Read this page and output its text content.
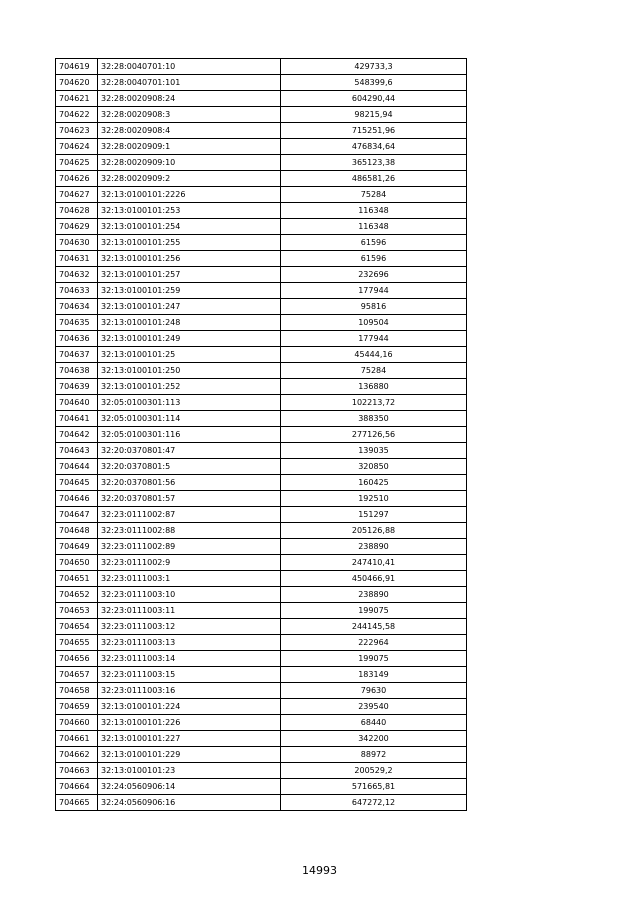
704619	32:28:0040701:10	429733,3
704620	32:28:0040701:101	548399,6
704621	32:28:0020908:24	604290,44
704622	32:28:0020908:3	98215,94
704623	32:28:0020908:4	715251,96
704624	32:28:0020909:1	476834,64
704625	32:28:0020909:10	365123,38
704626	32:28:0020909:2	486581,26
704627	32:13:0100101:2226	75284
704628	32:13:0100101:253	116348
704629	32:13:0100101:254	116348
704630	32:13:0100101:255	61596
704631	32:13:0100101:256	61596
704632	32:13:0100101:257	232696
704633	32:13:0100101:259	177944
704634	32:13:0100101:247	95816
704635	32:13:0100101:248	109504
704636	32:13:0100101:249	177944
704637	32:13:0100101:25	45444,16
704638	32:13:0100101:250	75284
704639	32:13:0100101:252	136880
704640	32:05:0100301:113	102213,72
704641	32:05:0100301:114	388350
704642	32:05:0100301:116	277126,56
704643	32:20:0370801:47	139035
704644	32:20:0370801:5	320850
704645	32:20:0370801:56	160425
704646	32:20:0370801:57	192510
704647	32:23:0111002:87	151297
704648	32:23:0111002:88	205126,88
704649	32:23:0111002:89	238890
704650	32:23:0111002:9	247410,41
704651	32:23:0111003:1	450466,91
704652	32:23:0111003:10	238890
704653	32:23:0111003:11	199075
704654	32:23:0111003:12	244145,58
704655	32:23:0111003:13	222964
704656	32:23:0111003:14	199075
704657	32:23:0111003:15	183149
704658	32:23:0111003:16	79630
704659	32:13:0100101:224	239540
704660	32:13:0100101:226	68440
704661	32:13:0100101:227	342200
704662	32:13:0100101:229	88972
704663	32:13:0100101:23	200529,2
704664	32:24:0560906:14	571665,81
704665	32:24:0560906:16	647272,12
14993
